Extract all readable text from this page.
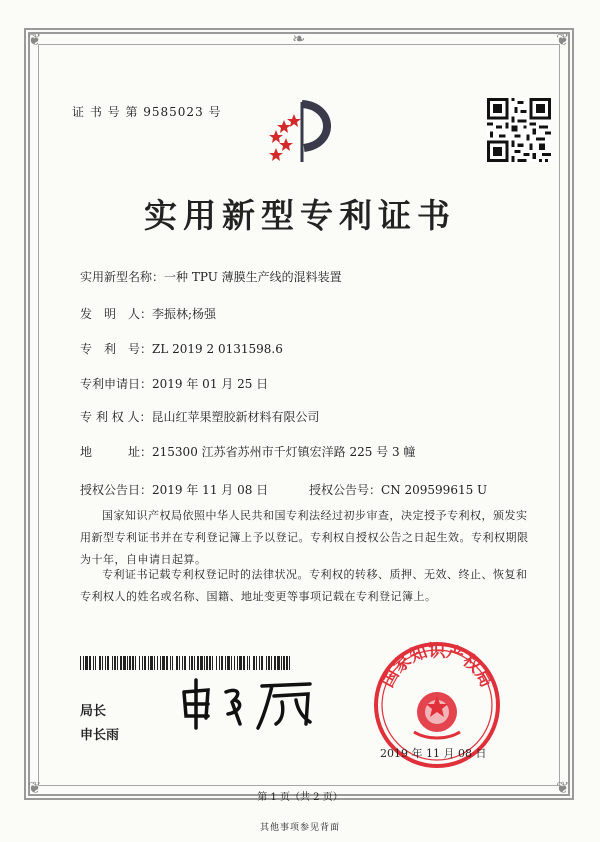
❦	❦
❦	❦
❧
证 书 号 第 9585023 号
实用新型专利证书
实用新型名称：一种 TPU 薄膜生产线的混料装置
发　明　人：李振林;杨强
专　利　号：ZL 2019 2 0131598.6
专利申请日：2019 年 01 月 25 日
专 利 权 人：昆山红苹果塑胶新材料有限公司
地　　　址：215300 江苏省苏州市千灯镇宏洋路 225 号 3 幢
授权公告日：2019 年 11 月 08 日	授权公告号：CN 209599615 U
国家知识产权局依照中华人民共和国专利法经过初步审查，决定授予专利权，颁发实用新型专利证书并在专利登记簿上予以登记。专利权自授权公告之日起生效。专利权期限为十年，自申请日起算。
专利证书记载专利权登记时的法律状况。专利权的转移、质押、无效、终止、恢复和专利权人的姓名或名称、国籍、地址变更等事项记载在专利登记簿上。
局长
申长雨
国家知识产权局
2019 年 11 月 08 日
第 1 页（共 2 页）
其他事项参见背面
